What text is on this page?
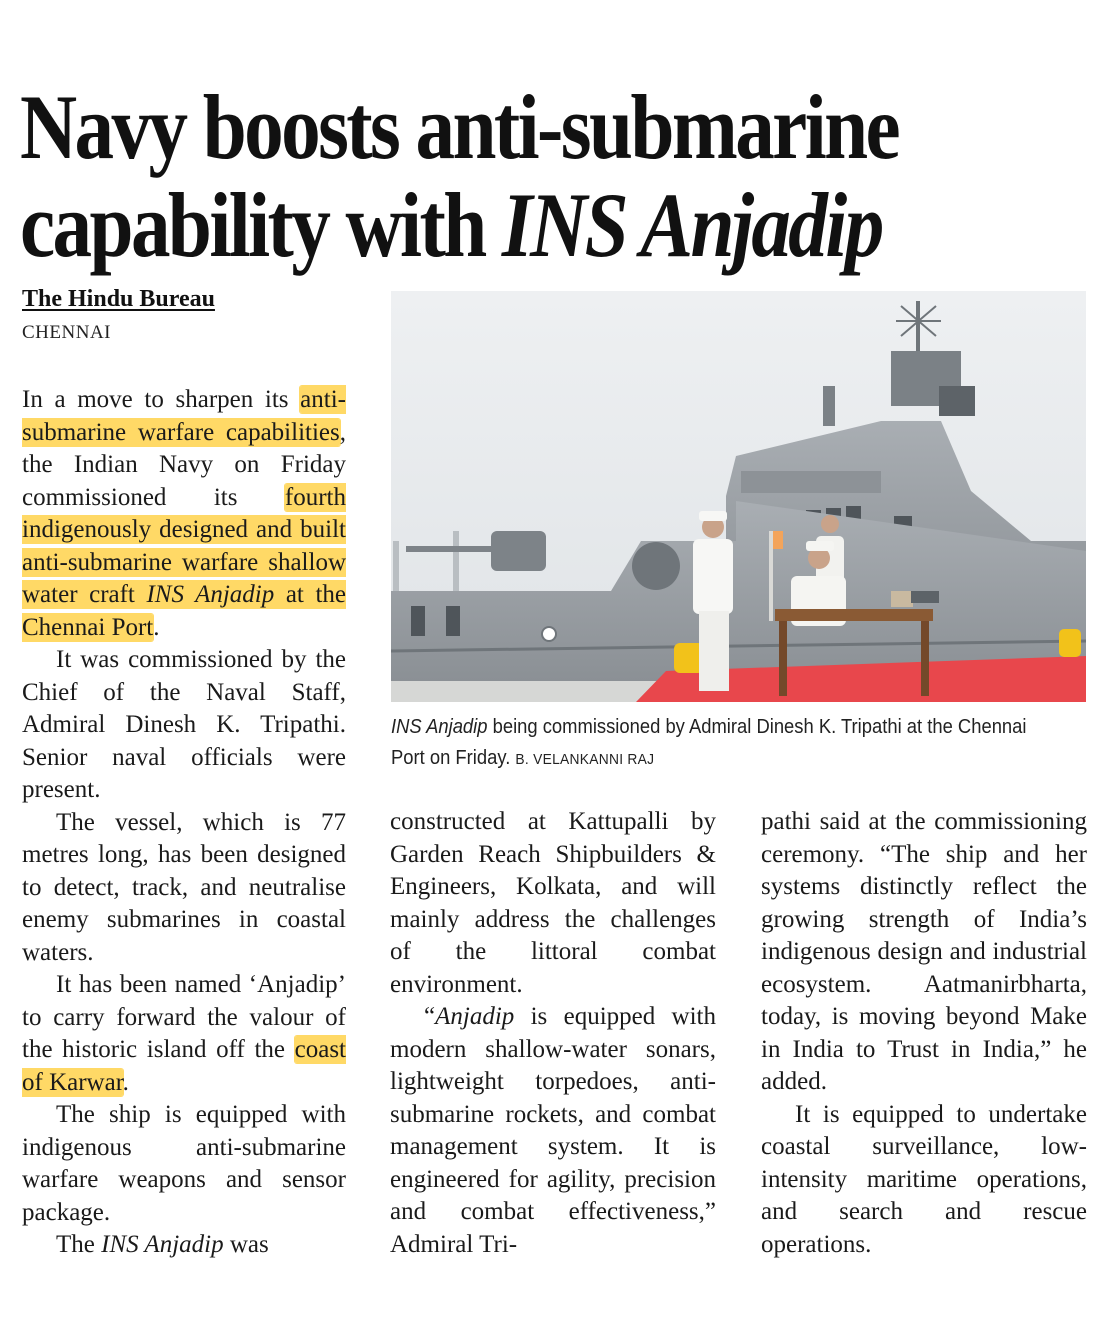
Navy boosts anti-submarine
capability with INS Anjadip
The Hindu Bureau
CHENNAI

In a move to sharpen its anti-submarine warfare capabilities, the Indian Navy on Friday commissioned its fourth indigenously designed and built anti-submarine warfare shallow water craft INS Anjadip at the Chennai Port.

It was commissioned by the Chief of the Naval Staff, Admiral Dinesh K. Tripathi. Senior naval officials were present.

The vessel, which is 77 metres long, has been designed to detect, track, and neutralise enemy submarines in coastal waters.

It has been named ‘Anjadip’ to carry forward the valour of the historic island off the coast of Karwar.

The ship is equipped with indigenous anti-submarine warfare weapons and sensor package.

The INS Anjadip was

INS Anjadip being commissioned by Admiral Dinesh K. Tripathi at the Chennai Port on Friday. B. VELANKANNI RAJ

constructed at Kattupalli by Garden Reach Shipbuilders & Engineers, Kolkata, and will mainly address the challenges of the littoral combat environment.

“Anjadip is equipped with modern shallow-water sonars, lightweight torpedoes, anti-submarine rockets, and combat management system. It is engineered for agility, precision and combat effectiveness,” Admiral Tri-

pathi said at the commissioning ceremony. “The ship and her systems distinctly reflect the growing strength of India’s indigenous design and industrial ecosystem. Aatmanirbharta, today, is moving beyond Make in India to Trust in India,” he added.

It is equipped to undertake coastal surveillance, low-intensity maritime operations, and search and rescue operations.
